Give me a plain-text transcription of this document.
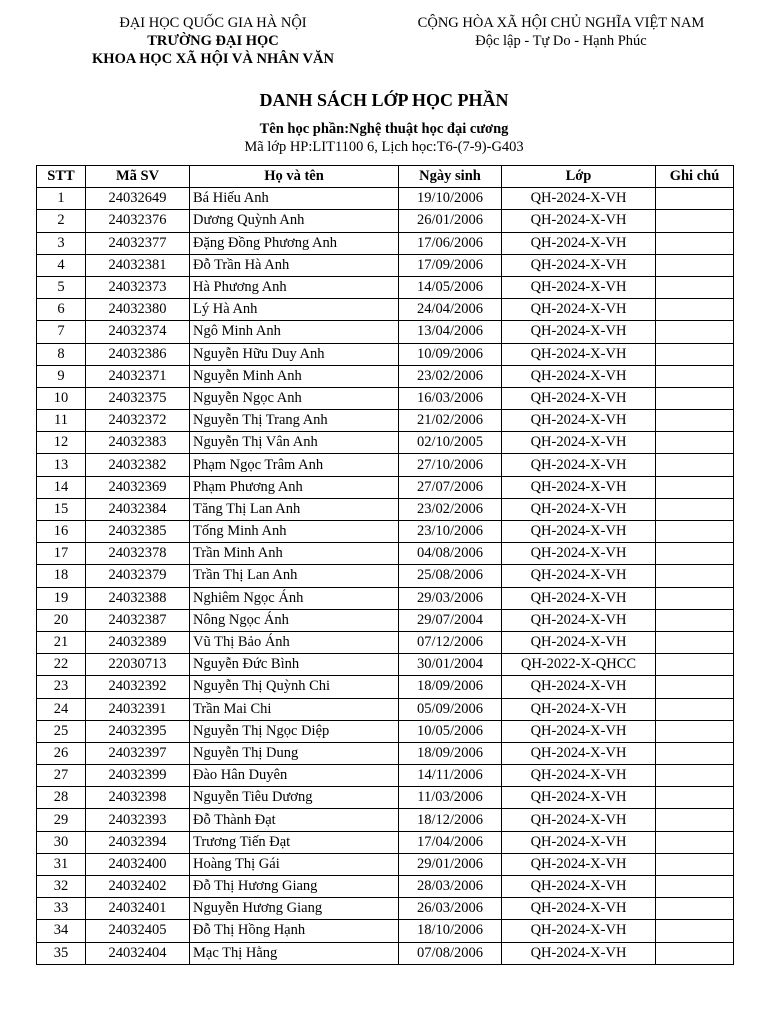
ĐẠI HỌC QUỐC GIA HÀ NỘI
TRƯỜNG ĐẠI HỌC
KHOA HỌC XÃ HỘI VÀ NHÂN VĂN
CỘNG HÒA XÃ HỘI CHỦ NGHĨA VIỆT NAM
Độc lập - Tự Do - Hạnh Phúc
DANH SÁCH LỚP HỌC PHẦN
Tên học phần:Nghệ thuật học đại cương
Mã lớp HP:LIT1100 6, Lịch học:T6-(7-9)-G403
STT	Mã SV	Họ và tên	Ngày sinh	Lớp	Ghi chú
1	24032649	Bá Hiếu Anh	19/10/2006	QH-2024-X-VH	
2	24032376	Dương Quỳnh Anh	26/01/2006	QH-2024-X-VH	
3	24032377	Đặng Đồng Phương Anh	17/06/2006	QH-2024-X-VH	
4	24032381	Đỗ Trần Hà Anh	17/09/2006	QH-2024-X-VH	
5	24032373	Hà Phương Anh	14/05/2006	QH-2024-X-VH	
6	24032380	Lý Hà Anh	24/04/2006	QH-2024-X-VH	
7	24032374	Ngô Minh Anh	13/04/2006	QH-2024-X-VH	
8	24032386	Nguyễn Hữu Duy Anh	10/09/2006	QH-2024-X-VH	
9	24032371	Nguyễn Minh Anh	23/02/2006	QH-2024-X-VH	
10	24032375	Nguyễn Ngọc Anh	16/03/2006	QH-2024-X-VH	
11	24032372	Nguyễn Thị Trang Anh	21/02/2006	QH-2024-X-VH	
12	24032383	Nguyễn Thị Vân Anh	02/10/2005	QH-2024-X-VH	
13	24032382	Phạm Ngọc Trâm Anh	27/10/2006	QH-2024-X-VH	
14	24032369	Phạm Phương Anh	27/07/2006	QH-2024-X-VH	
15	24032384	Tăng Thị Lan Anh	23/02/2006	QH-2024-X-VH	
16	24032385	Tống Minh Anh	23/10/2006	QH-2024-X-VH	
17	24032378	Trần Minh Anh	04/08/2006	QH-2024-X-VH	
18	24032379	Trần Thị Lan Anh	25/08/2006	QH-2024-X-VH	
19	24032388	Nghiêm Ngọc Ánh	29/03/2006	QH-2024-X-VH	
20	24032387	Nông Ngọc Ánh	29/07/2004	QH-2024-X-VH	
21	24032389	Vũ Thị Bảo Ánh	07/12/2006	QH-2024-X-VH	
22	22030713	Nguyễn Đức Bình	30/01/2004	QH-2022-X-QHCC	
23	24032392	Nguyễn Thị Quỳnh Chi	18/09/2006	QH-2024-X-VH	
24	24032391	Trần Mai Chi	05/09/2006	QH-2024-X-VH	
25	24032395	Nguyễn Thị Ngọc Diệp	10/05/2006	QH-2024-X-VH	
26	24032397	Nguyễn Thị Dung	18/09/2006	QH-2024-X-VH	
27	24032399	Đào Hân Duyên	14/11/2006	QH-2024-X-VH	
28	24032398	Nguyễn Tiêu Dương	11/03/2006	QH-2024-X-VH	
29	24032393	Đỗ Thành Đạt	18/12/2006	QH-2024-X-VH	
30	24032394	Trương Tiến Đạt	17/04/2006	QH-2024-X-VH	
31	24032400	Hoàng Thị Gái	29/01/2006	QH-2024-X-VH	
32	24032402	Đỗ Thị Hương Giang	28/03/2006	QH-2024-X-VH	
33	24032401	Nguyễn Hương Giang	26/03/2006	QH-2024-X-VH	
34	24032405	Đỗ Thị Hồng Hạnh	18/10/2006	QH-2024-X-VH	
35	24032404	Mạc Thị Hằng	07/08/2006	QH-2024-X-VH	
